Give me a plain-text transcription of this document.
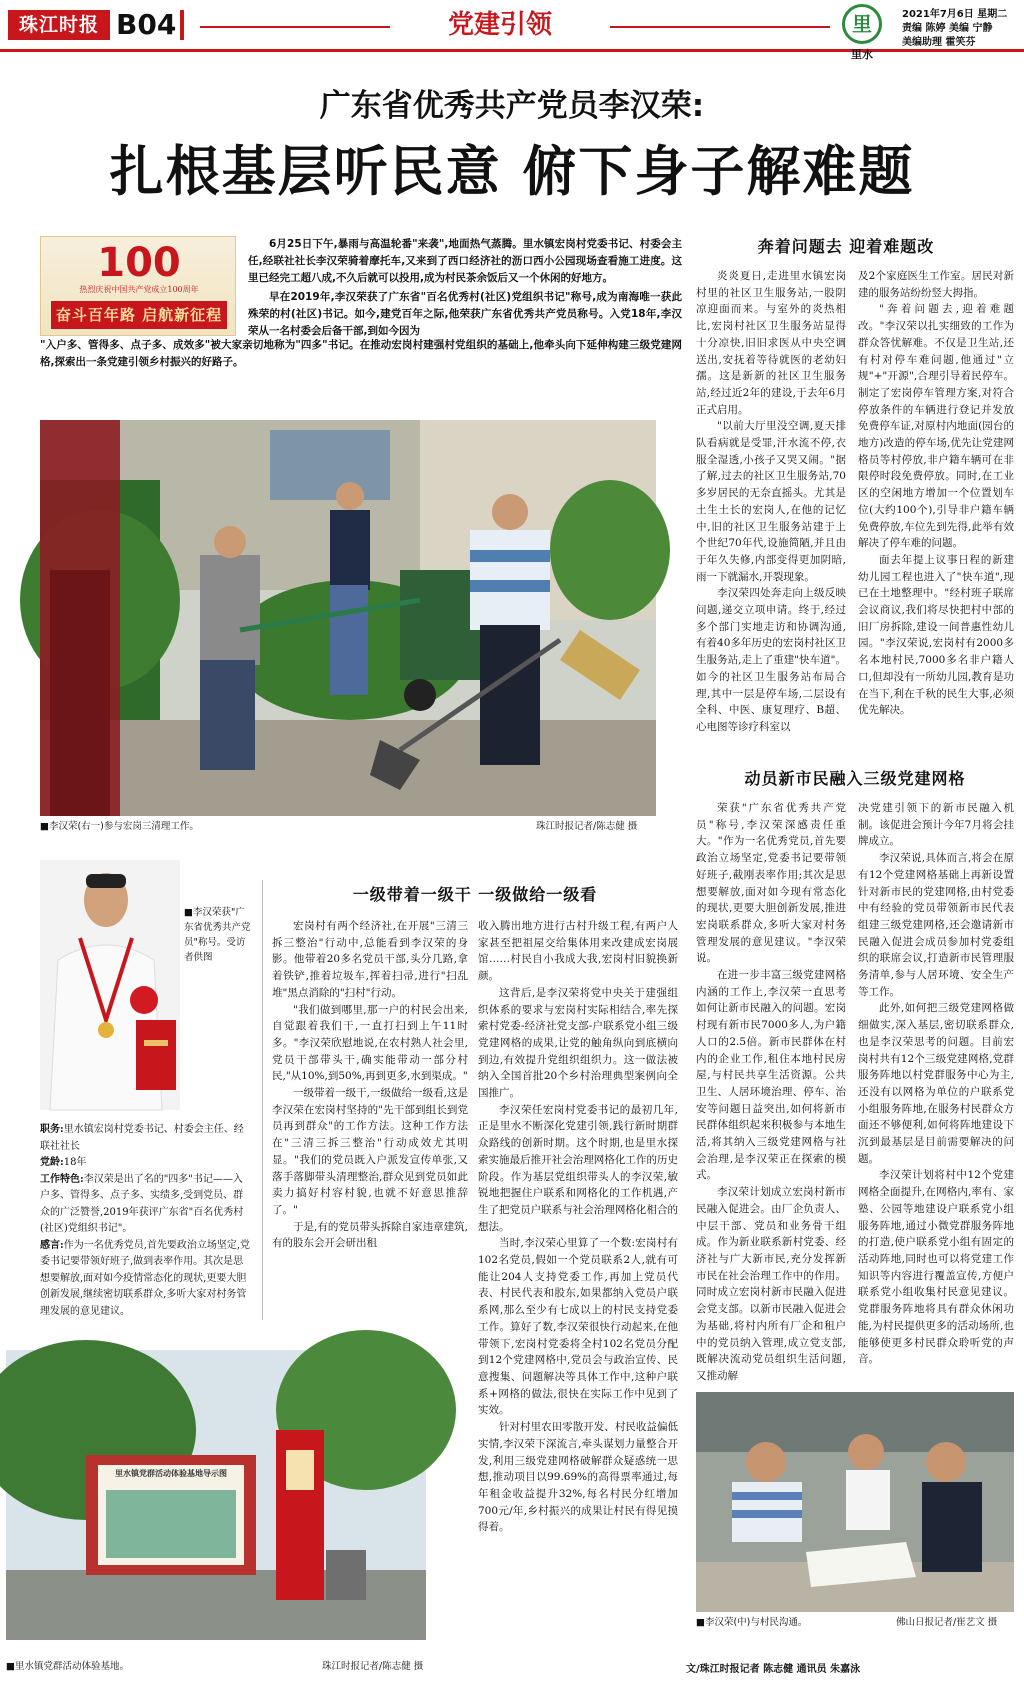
珠江时报 B04	党建引领	里
里水
2021年7月6日 星期二
责编 陈婷 美编 宁静
美编助理 霍笑芬
广东省优秀共产党员李汉荣:
扎根基层听民意 俯下身子解难题
100
热烈庆祝中国共产党成立100周年
奋斗百年路 启航新征程

6月25日下午,暴雨与高温轮番"来袭",地面热气蒸腾。里水镇宏岗村党委书记、村委会主任,经联社社长李汉荣骑着摩托车,又来到了西口经济社的沥口西小公园现场查看施工进度。这里已经完工超八成,不久后就可以投用,成为村民茶余饭后又一个休闲的好地方。

早在2019年,李汉荣获了广东省"百名优秀村(社区)党组织书记"称号,成为南海唯一获此殊荣的村(社区)书记。如今,建党百年之际,他荣获广东省优秀共产党员称号。入党18年,李汉荣从一名村委会后备干部,到如今因为

"入户多、管得多、点子多、成效多"被大家亲切地称为"四多"书记。在推动宏岗村建强村党组织的基础上,他牵头向下延伸构建三级党建网格,探索出一条党建引领乡村振兴的好路子。
■李汉荣(右一)参与宏岗三清理工作。	珠江时报记者/陈志健 摄
奔着问题去 迎着难题改

炎炎夏日,走进里水镇宏岗村里的社区卫生服务站,一股阴凉迎面而来。与室外的炎热相比,宏岗村社区卫生服务站显得十分凉快,旧旧求医从中央空调送出,安抚着等待就医的老幼妇孺。这是新新的社区卫生服务站,经过近2年的建设,于去年6月正式启用。

"以前大厅里没空调,夏天排队看病就是受罪,汗水流不停,衣服全湿透,小孩子又哭又闹。"据了解,过去的社区卫生服务站,70多岁居民的无奈直摇头。尤其是土生土长的宏岗人,在他的记忆中,旧的社区卫生服务站建于上个世纪70年代,设施简陋,并且由于年久失修,内部变得更加阴暗,雨一下就漏水,开裂现象。

李汉荣四处奔走向上级反映问题,递交立项申请。终于,经过多个部门实地走访和协调沟通,有着40多年历史的宏岗村社区卫生服务站,走上了重建"快车道"。如今的社区卫生服务站布局合理,其中一层是停车场,二层设有全科、中医、康复理疗、B超、心电图等诊疗科室以

及2个家庭医生工作室。居民对新建的服务站纷纷竖大拇指。

"奔着问题去,迎着难题改。"李汉荣以扎实细致的工作为群众答忧解难。不仅是卫生站,还有村对停车难问题,他通过"立规"+"开源",合理引导着民停车。制定了宏岗停车管理方案,对符合停放条件的车辆进行登记并发放免费停车证,对原村内地面(园台的地方)改造的停车场,优先让党建网格员等村停放,非户籍车辆可在非限停时段免费停放。同时,在工业区的空闲地方增加一个位置划车位(大约100个),引导非户籍车辆免费停放,车位先到先得,此举有效解决了停车难的问题。

面去年提上议事日程的新建幼儿园工程也进入了"快车道",现已在土地整理中。"经村班子联席会议商议,我们将尽快把村中部的旧厂房拆除,建设一间普惠性幼儿园。"李汉荣说,宏岗村有2000多名本地村民,7000多名非户籍人口,但却没有一所幼儿园,教育是功在当下,利在千秋的民生大事,必须优先解决。

动员新市民融入三级党建网格

荣获"广东省优秀共产党员"称号,李汉荣深感责任重大。"作为一名优秀党员,首先要政治立场坚定,党委书记要带领好班子,截刚表率作用;其次是思想要解放,面对如今现有常态化的现状,更要大胆创新发展,推进宏岗联系群众,多听大家对村务管理发展的意见建议。"李汉荣说。

在进一步丰富三级党建网格内涵的工作上,李汉荣一直思考如何让新市民融入的问题。宏岗村现有新市民7000多人,为户籍人口的2.5倍。新市民群体在村内的企业工作,租住本地村民房屋,与村民共享生活资源。公共卫生、人居环境治理、停车、治安等问题日益突出,如何将新市民群体组织起来积极参与本地生活,将其纳入三级党建网格与社会治理,是李汉荣正在探索的模式。

李汉荣计划成立宏岗村新市民融入促进会。由厂企负责人、中层干部、党员和业务骨干组成。作为新业联系新村党委、经济社与广大新市民,充分发挥新市民在社会治理工作中的作用。同时成立宏岗村新市民融入促进会党支部。以新市民融入促进会为基础,将村内所有厂企和租户中的党员纳入管理,成立党支部,既解决流动党员组织生活问题,又推动解

决党建引领下的新市民融入机制。该促进会预计今年7月将会挂牌成立。

李汉荣说,具体而言,将会在原有12个党建网格基础上再新设置针对新市民的党建网格,由村党委中有经验的党员带领新市民代表组建三级党建网格,还会邀请新市民融入促进会成员参加村党委组织的联席会议,打造新市民管理服务清单,参与人居环境、安全生产等工作。

此外,如何把三级党建网格做细做实,深入基层,密切联系群众,也是李汉荣思考的问题。目前宏岗村共有12个三级党建网格,党群服务阵地以村党群服务中心为主,还没有以网格为单位的户联系党小组服务阵地,在服务村民群众方面还不够便利,如何将阵地建设下沉到最基层是目前需要解决的问题。

李汉荣计划将村中12个党建网格全面提升,在网格内,率有、家塾、公园等地建设户联系党小组服务阵地,通过小微党群服务阵地的打造,使户联系党小组有固定的活动阵地,同时也可以将党建工作知识等内容进行覆盖宣传,方便户联系党小组收集村民意见建议。党群服务阵地将具有群众休闲功能,为村民提供更多的活动场所,也能够使更多村民群众聆听党的声音。

■李汉荣获"广东省优秀共产党员"称号。受访者供图

职务:里水镇宏岗村党委书记、村委会主任、经联社社长

党龄:18年

工作特色:李汉荣是出了名的"四多"书记——入户多、管得多、点子多、实绩多,受到党员、群众的广泛赞誉,2019年获评广东省"百名优秀村(社区)党组织书记"。

感言:作为一名优秀党员,首先要政治立场坚定,党委书记要带领好班子,做到表率作用。其次是思想要解放,面对如今疫情常态化的现状,更要大胆创新发展,继续密切联系群众,多听大家对村务管理发展的意见建议。

一级带着一级干 一级做给一级看

宏岗村有两个经济社,在开展"三清三拆三整治"行动中,总能看到李汉荣的身影。他带着20多名党员干部,头分几路,拿着铁铲,推着垃圾车,挥着扫帚,进行"扫乱堆"黑点消除的"扫村"行动。

"我们做到哪里,那一户的村民会出来,自觉跟着我们干,一直打扫到上午11时多。"李汉荣欣慰地说,在农村熟人社会里,党员干部带头干,确实能带动一部分村民,"从10%,到50%,再到更多,水到渠成。"

一级带着一级干,一级做给一级看,这是李汉荣在宏岗村坚持的"先干部到组长到党员再到群众"的工作方法。这种工作方法在"三清三拆三整治"行动成效尤其明显。"我们的党员既入户派发宣传单张,又落手落脚带头清理整治,群众见到党员如此卖力搞好村容村貌,也就不好意思推辞了。"

于是,有的党员带头拆除自家违章建筑,有的股东会开会研出租

收入腾出地方进行古村升级工程,有两户人家甚至把祖屋交给集体用来改建成宏岗展馆……村民自小我成大我,宏岗村旧貌换新颜。

这背后,是李汉荣将党中央关于建强组织体系的要求与宏岗村实际相结合,率先探索村党委-经济社党支部-户联系党小组三级党建网格的成果,让党的触角纵向到底横向到边,有效提升党组织组织力。这一做法被纳入全国首批20个乡村治理典型案例向全国推广。

李汉荣任宏岗村党委书记的最初几年,正是里水不断深化党建引领,践行新时期群众路线的创新时期。这个时期,也是里水探索实施最后推开社会治理网格化工作的历史阶段。作为基层党组织带头人的李汉荣,敏锐地把握住户联系和网格化的工作机遇,产生了把党员户联系与社会治理网格化相合的想法。

当时,李汉荣心里算了一个数:宏岗村有102名党员,假如一个党员联系2人,就有可能让204人支持党委工作,再加上党员代表、村民代表和股东,如果都纳入党员户联系网,那么至少有七成以上的村民支持党委工作。算好了数,李汉荣很快行动起来,在他带领下,宏岗村党委将全村102名党员分配到12个党建网格中,党员会与政治宣传、民意搜集、问题解决等具体工作中,这种户联系+网格的做法,很快在实际工作中见到了实效。

针对村里农田零散开发、村民收益偏低实情,李汉荣下深流言,牵头谋划力量整合开发,利用三级党建网格破解群众疑惑统一思想,推动项目以99.69%的高得票率通过,每年租金收益提升32%,每名村民分红增加700元/年,乡村振兴的成果让村民有得见摸得着。

里水镇党群活动体验基地导示图
■里水镇党群活动体验基地。	珠江时报记者/陈志健 摄
■李汉荣(中)与村民沟通。	佛山日报记者/崔艺文 摄
文/珠江时报记者 陈志健 通讯员 朱嘉泳
